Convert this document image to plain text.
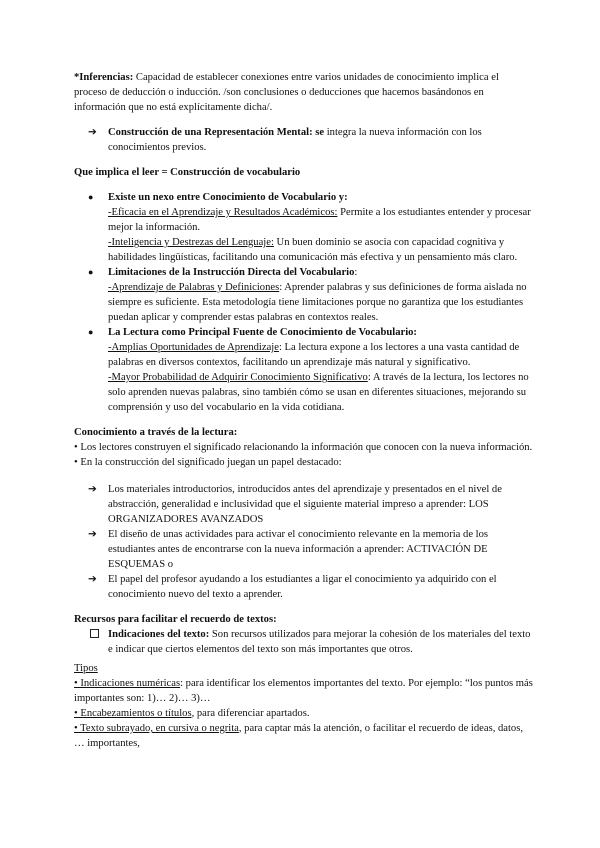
*Inferencias: Capacidad de establecer conexiones entre varios unidades de conocimiento implica el proceso de deducción o inducción. /son conclusiones o deducciones que hacemos basándonos en información que no está explícitamente dicha/.

➔ Construcción de una Representación Mental: se integra la nueva información con los conocimientos previos.

Que implica el leer = Construcción de vocabulario

● Existe un nexo entre Conocimiento de Vocabulario y:

-Eficacia en el Aprendizaje y Resultados Académicos: Permite a los estudiantes entender y procesar mejor la información.

-Inteligencia y Destrezas del Lenguaje: Un buen dominio se asocia con capacidad cognitiva y habilidades lingüísticas, facilitando una comunicación más efectiva y un pensamiento más claro.

● Limitaciones de la Instrucción Directa del Vocabulario:

-Aprendizaje de Palabras y Definiciones: Aprender palabras y sus definiciones de forma aislada no siempre es suficiente. Esta metodología tiene limitaciones porque no garantiza que los estudiantes puedan aplicar y comprender estas palabras en contextos reales.

● La Lectura como Principal Fuente de Conocimiento de Vocabulario:

-Amplias Oportunidades de Aprendizaje: La lectura expone a los lectores a una vasta cantidad de palabras en diversos contextos, facilitando un aprendizaje más natural y significativo.

-Mayor Probabilidad de Adquirir Conocimiento Significativo: A través de la lectura, los lectores no solo aprenden nuevas palabras, sino también cómo se usan en diferentes situaciones, mejorando su comprensión y uso del vocabulario en la vida cotidiana.

Conocimiento a través de la lectura:

• Los lectores construyen el significado relacionando la información que conocen con la nueva información.

• En la construcción del significado juegan un papel destacado:

➔ Los materiales introductorios, introducidos antes del aprendizaje y presentados en el nivel de abstracción, generalidad e inclusividad que el siguiente material impreso a aprender: LOS ORGANIZADORES AVANZADOS
➔ El diseño de unas actividades para activar el conocimiento relevante en la memoria de los estudiantes antes de encontrarse con la nueva información a aprender: ACTIVACIÓN DE ESQUEMAS o
➔ El papel del profesor ayudando a los estudiantes a ligar el conocimiento ya adquirido con el conocimiento nuevo del texto a aprender.

Recursos para facilitar el recuerdo de textos:

Indicaciones del texto: Son recursos utilizados para mejorar la cohesión de los materiales del texto e indicar que ciertos elementos del texto son más importantes que otros.

Tipos

• Indicaciones numéricas: para identificar los elementos importantes del texto. Por ejemplo: “los puntos más importantes son: 1)… 2)… 3)…

• Encabezamientos o títulos, para diferenciar apartados.

• Texto subrayado, en cursiva o negrita, para captar más la atención, o facilitar el recuerdo de ideas, datos, … importantes,
